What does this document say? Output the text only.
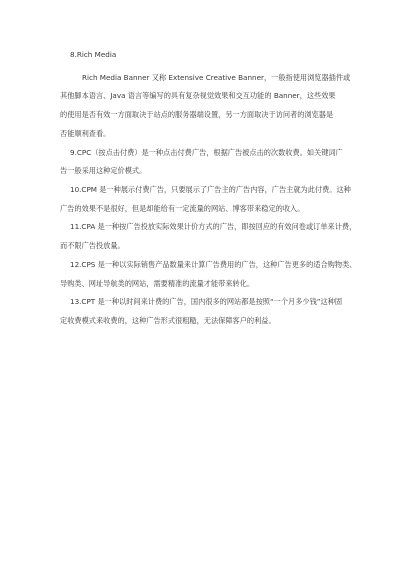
8.Rich Media

Rich Media Banner 又称 Extensive Creative Banner，一般指使用浏览器插件或
其他脚本语言、Java 语言等编写的具有复杂视觉效果和交互功能的 Banner，这些效果
的使用是否有效一方面取决于站点的服务器端设置，另一方面取决于访问者的浏览器是
否能顺利查看。
9.CPC（按点击付费）是一种点击付费广告，根据广告被点击的次数收费。如关键词广
告一般采用这种定价模式。
10.CPM 是一种展示付费广告，只要展示了广告主的广告内容，广告主就为此付费。这种
广告的效果不是很好，但是却能给有一定流量的网站、博客带来稳定的收入。
11.CPA 是一种按广告投放实际效果计价方式的广告，即按回应的有效问卷或订单来计费，
而不限广告投放量。
12.CPS 是一种以实际销售产品数量来计算广告费用的广告，这种广告更多的适合购物类、
导购类、网址导航类的网站，需要精准的流量才能带来转化。
13.CPT 是一种以时间来计费的广告，国内很多的网站都是按照“一个月多少钱”这种固
定收费模式来收费的，这种广告形式很粗糙，无法保障客户的利益。
